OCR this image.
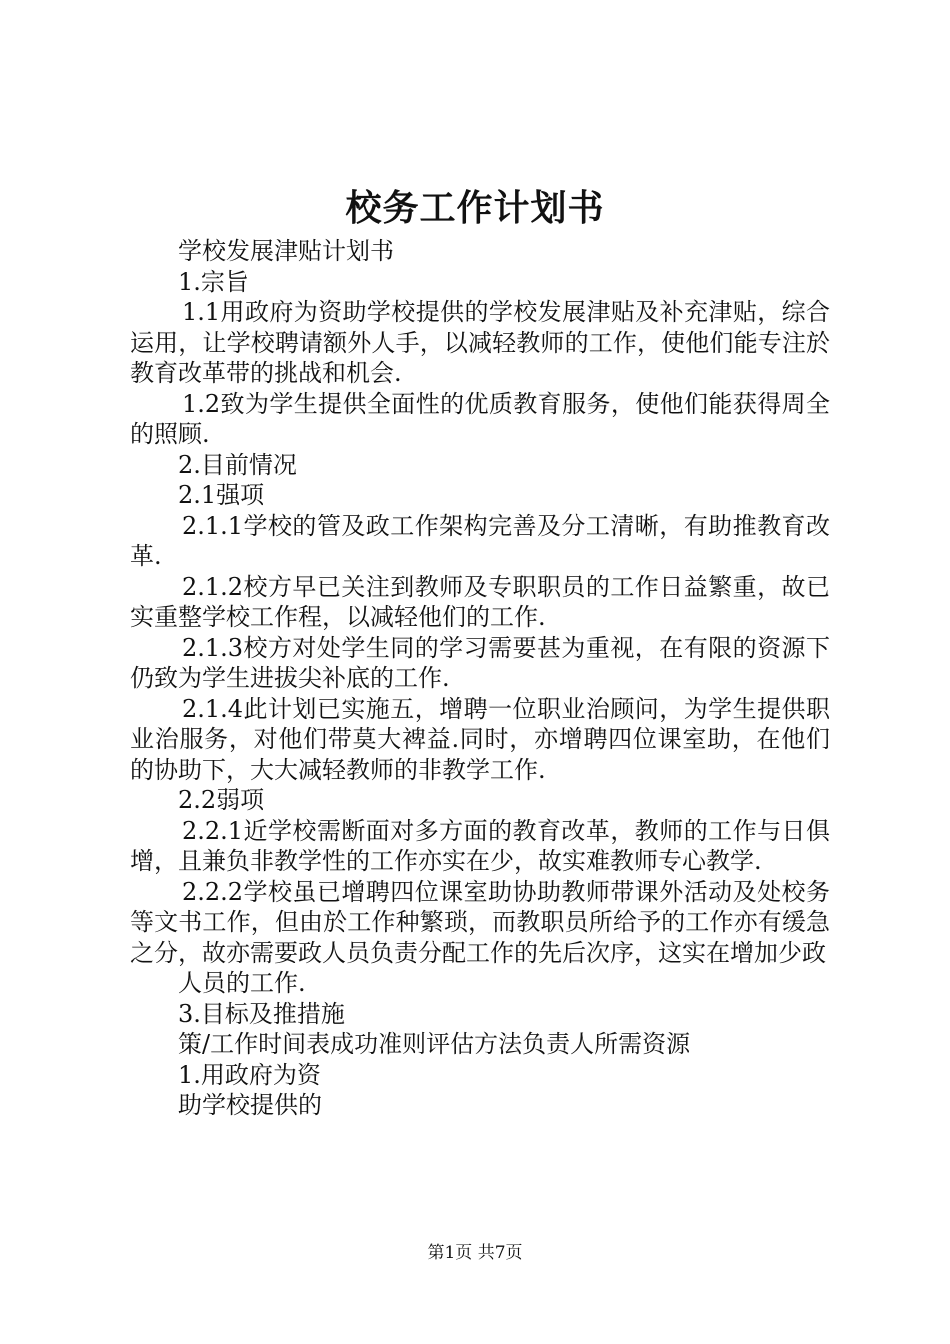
校务工作计划书

学校发展津贴计划书

1.宗旨

1.1用政府为资助学校提供的学校发展津贴及补充津贴，综合运用，让学校聘请额外人手，以减轻教师的工作，使他们能专注於教育改革带的挑战和机会.

1.2致为学生提供全面性的优质教育服务，使他们能获得周全的照顾.

2.目前情况

2.1强项

2.1.1学校的管及政工作架构完善及分工清晰，有助推教育改革.

2.1.2校方早已关注到教师及专职职员的工作日益繁重，故已实重整学校工作程，以减轻他们的工作.

2.1.3校方对处学生同的学习需要甚为重视，在有限的资源下仍致为学生进拔尖补底的工作.

2.1.4此计划已实施五，增聘一位职业治顾问，为学生提供职业治服务，对他们带莫大裨益.同时，亦增聘四位课室助，在他们的协助下，大大减轻教师的非教学工作.

2.2弱项

2.2.1近学校需断面对多方面的教育改革，教师的工作与日俱增，且兼负非教学性的工作亦实在少，故实难教师专心教学.

2.2.2学校虽已增聘四位课室助协助教师带课外活动及处校务等文书工作，但由於工作种繁琐，而教职员所给予的工作亦有缓急之分，故亦需要政人员负责分配工作的先后次序，这实在增加少政

人员的工作.

3.目标及推措施

策/工作时间表成功准则评估方法负责人所需资源

1.用政府为资

助学校提供的

第1页 共7页
